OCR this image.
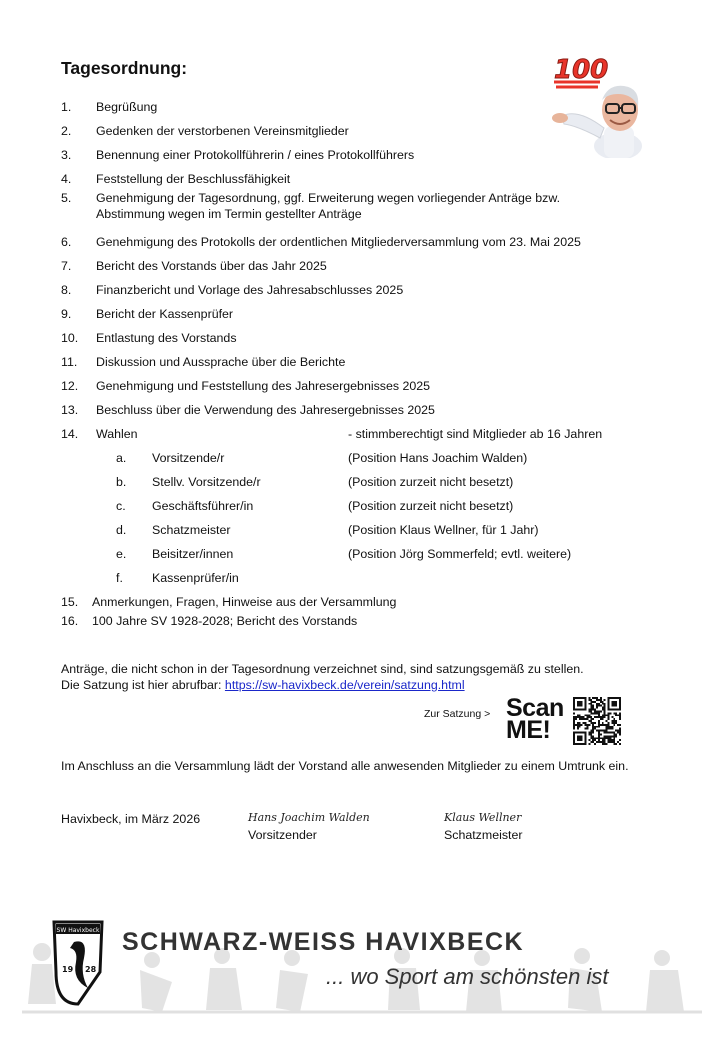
Tagesordnung:	100
1. Begrüßung
2. Gedenken der verstorbenen Vereinsmitglieder
3. Benennung einer Protokollführerin / eines Protokollführers
4. Feststellung der Beschlussfähigkeit
5. Genehmigung der Tagesordnung, ggf. Erweiterung wegen vorliegender Anträge bzw.
Abstimmung wegen im Termin gestellter Anträge
6. Genehmigung des Protokolls der ordentlichen Mitgliederversammlung vom 23. Mai 2025
7. Bericht des Vorstands über das Jahr 2025
8. Finanzbericht und Vorlage des Jahresabschlusses 2025
9. Bericht der Kassenprüfer
10. Entlastung des Vorstands
11. Diskussion und Aussprache über die Berichte
12. Genehmigung und Feststellung des Jahresergebnisses 2025
13. Beschluss über die Verwendung des Jahresergebnisses 2025
14. Wahlen	- stimmberechtigt sind Mitglieder ab 16 Jahren
a. Vorsitzende/r	(Position Hans Joachim Walden)
b. Stellv. Vorsitzende/r	(Position zurzeit nicht besetzt)
c. Geschäftsführer/in	(Position zurzeit nicht besetzt)
d. Schatzmeister	(Position Klaus Wellner, für 1 Jahr)
e. Beisitzer/innen	(Position Jörg Sommerfeld; evtl. weitere)
f. Kassenprüfer/in
15. Anmerkungen, Fragen, Hinweise aus der Versammlung
16. 100 Jahre SV 1928-2028; Bericht des Vorstands
Anträge, die nicht schon in der Tagesordnung verzeichnet sind, sind satzungsgemäß zu stellen.
Die Satzung ist hier abrufbar: https://sw-havixbeck.de/verein/satzung.html
Zur Satzung > Scan
ME!
Im Anschluss an die Versammlung lädt der Vorstand alle anwesenden Mitglieder zu einem Umtrunk ein.
Havixbeck, im März 2026	Hans Joachim Walden
Vorsitzender
Klaus Wellner
Schatzmeister
SW Havixbeck
19 28
SCHWARZ-WEISS HAVIXBECK
... wo Sport am schönsten ist
